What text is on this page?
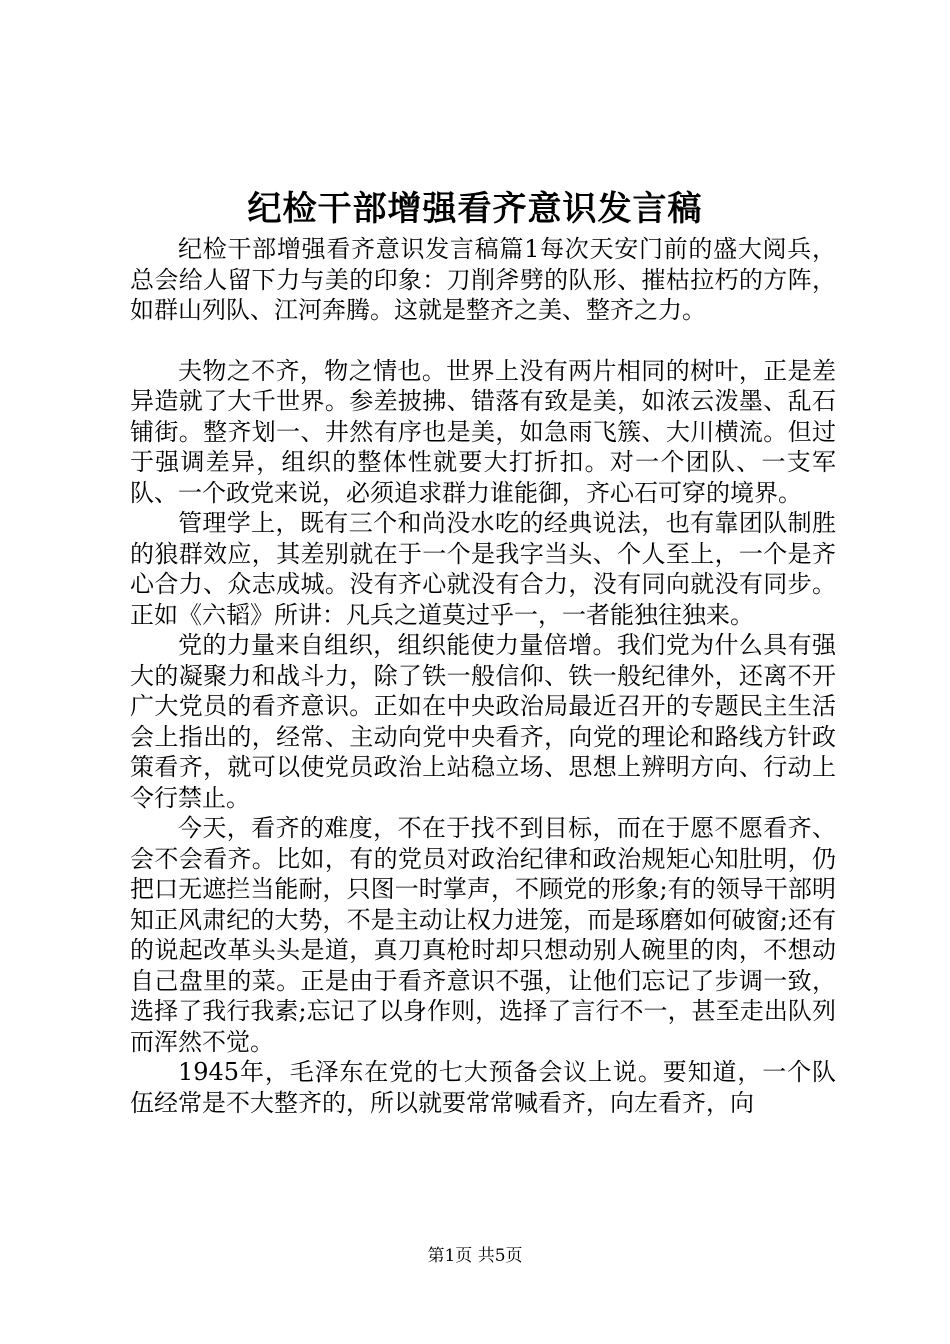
纪检干部增强看齐意识发言稿

纪检干部增强看齐意识发言稿篇1每次天安门前的盛大阅兵，总会给人留下力与美的印象：刀削斧劈的队形、摧枯拉朽的方阵，如群山列队、江河奔腾。这就是整齐之美、整齐之力。

夫物之不齐，物之情也。世界上没有两片相同的树叶，正是差异造就了大千世界。参差披拂、错落有致是美，如浓云泼墨、乱石铺街。整齐划一、井然有序也是美，如急雨飞簇、大川横流。但过于强调差异，组织的整体性就要大打折扣。对一个团队、一支军队、一个政党来说，必须追求群力谁能御，齐心石可穿的境界。

管理学上，既有三个和尚没水吃的经典说法，也有靠团队制胜的狼群效应，其差别就在于一个是我字当头、个人至上，一个是齐心合力、众志成城。没有齐心就没有合力，没有同向就没有同步。正如《六韬》所讲：凡兵之道莫过乎一，一者能独往独来。

党的力量来自组织，组织能使力量倍增。我们党为什么具有强大的凝聚力和战斗力，除了铁一般信仰、铁一般纪律外，还离不开广大党员的看齐意识。正如在中央政治局最近召开的专题民主生活会上指出的，经常、主动向党中央看齐，向党的理论和路线方针政策看齐，就可以使党员政治上站稳立场、思想上辨明方向、行动上令行禁止。

今天，看齐的难度，不在于找不到目标，而在于愿不愿看齐、会不会看齐。比如，有的党员对政治纪律和政治规矩心知肚明，仍把口无遮拦当能耐，只图一时掌声，不顾党的形象;有的领导干部明知正风肃纪的大势，不是主动让权力进笼，而是琢磨如何破窗;还有的说起改革头头是道，真刀真枪时却只想动别人碗里的肉，不想动自己盘里的菜。正是由于看齐意识不强，让他们忘记了步调一致，选择了我行我素;忘记了以身作则，选择了言行不一，甚至走出队列而浑然不觉。

1945年，毛泽东在党的七大预备会议上说。要知道，一个队伍经常是不大整齐的，所以就要常常喊看齐，向左看齐，向

第1页 共5页
